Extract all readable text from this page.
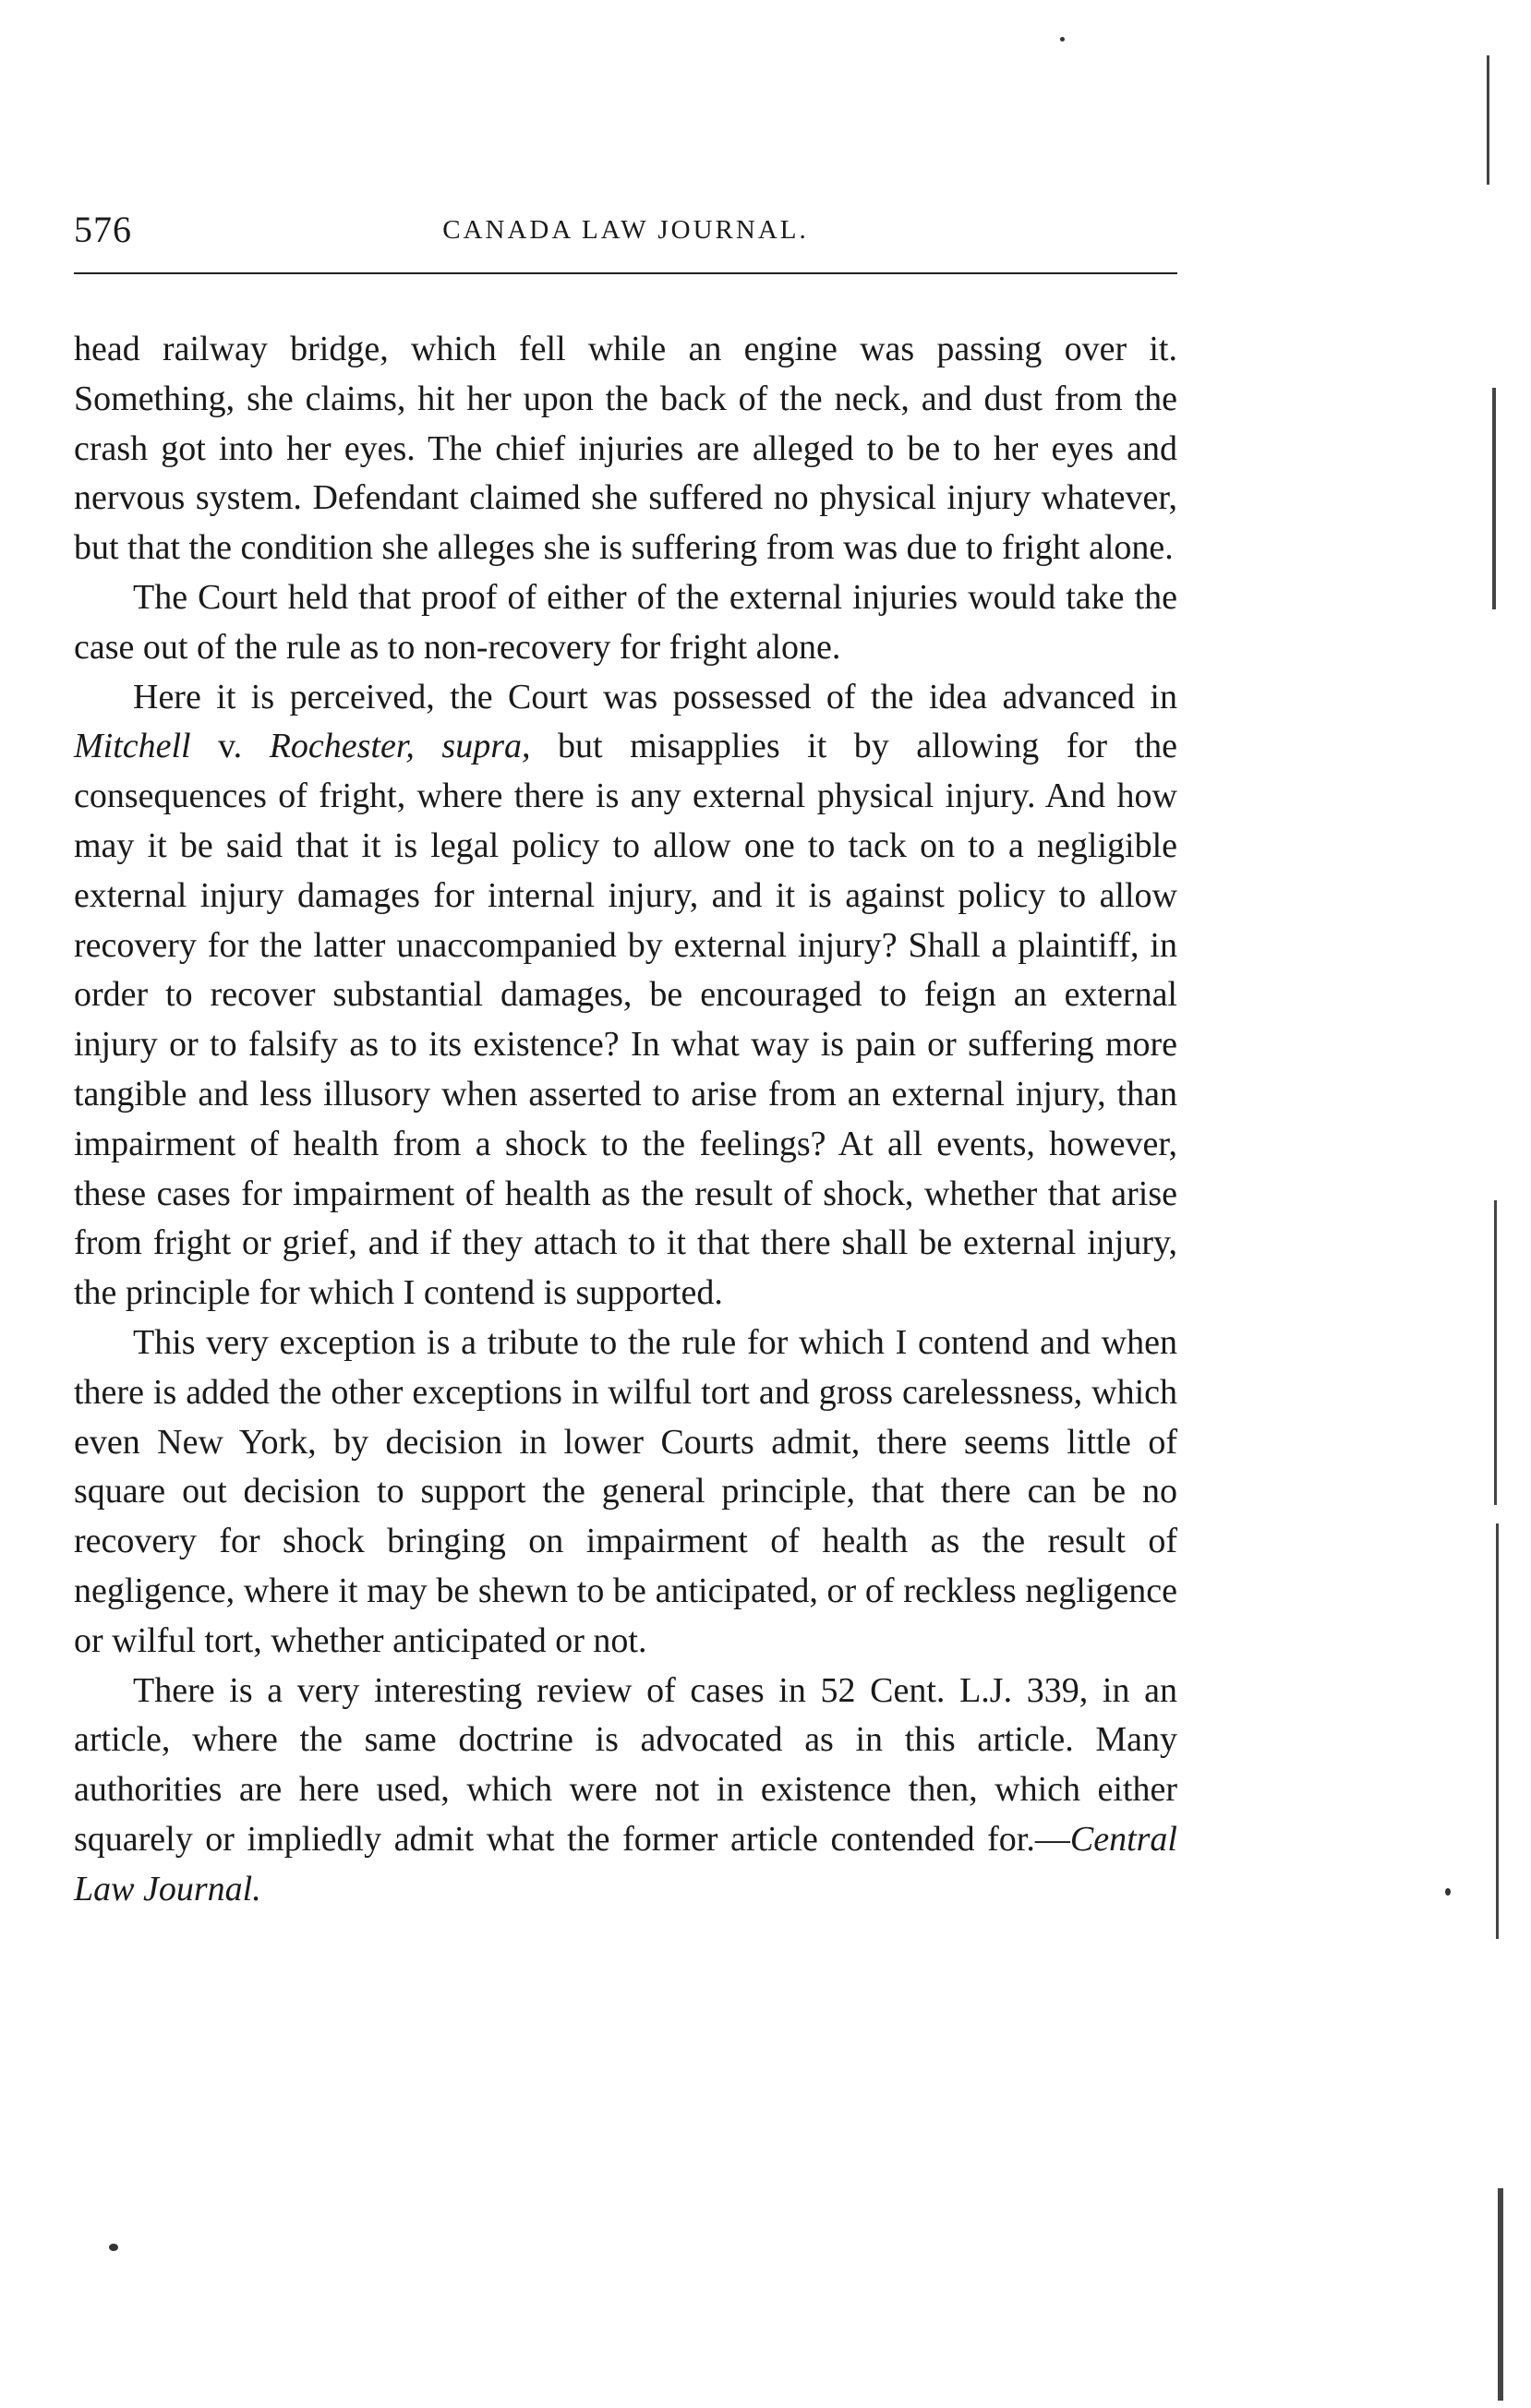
576	CANADA LAW JOURNAL.

head railway bridge, which fell while an engine was passing over it. Something, she claims, hit her upon the back of the neck, and dust from the crash got into her eyes. The chief injuries are alleged to be to her eyes and nervous system. Defendant claimed she suffered no physical injury whatever, but that the condition she alleges she is suffering from was due to fright alone.

The Court held that proof of either of the external injuries would take the case out of the rule as to non-recovery for fright alone.

Here it is perceived, the Court was possessed of the idea advanced in Mitchell v. Rochester, supra, but misapplies it by allowing for the consequences of fright, where there is any external physical injury. And how may it be said that it is legal policy to allow one to tack on to a negligible external injury damages for internal injury, and it is against policy to allow recovery for the latter unaccompanied by external injury? Shall a plaintiff, in order to recover substantial damages, be encouraged to feign an external injury or to falsify as to its existence? In what way is pain or suffering more tangible and less illusory when asserted to arise from an external injury, than impairment of health from a shock to the feelings? At all events, however, these cases for impairment of health as the result of shock, whether that arise from fright or grief, and if they attach to it that there shall be external injury, the principle for which I contend is supported.

This very exception is a tribute to the rule for which I contend and when there is added the other exceptions in wilful tort and gross carelessness, which even New York, by decision in lower Courts admit, there seems little of square out decision to support the general principle, that there can be no recovery for shock bringing on impairment of health as the result of negligence, where it may be shewn to be anticipated, or of reckless negligence or wilful tort, whether anticipated or not.

There is a very interesting review of cases in 52 Cent. L.J. 339, in an article, where the same doctrine is advocated as in this article. Many authorities are here used, which were not in existence then, which either squarely or impliedly admit what the former article contended for.—Central Law Journal.
